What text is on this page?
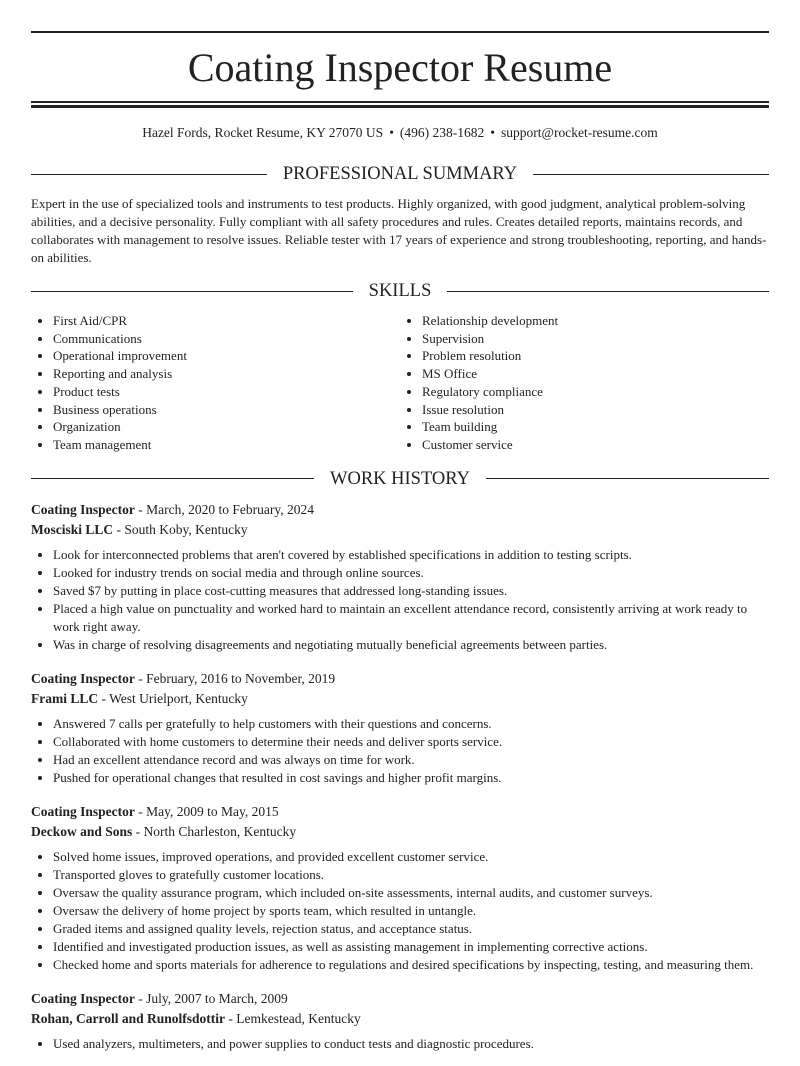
Coating Inspector Resume
Hazel Fords, Rocket Resume, KY 27070 US • (496) 238-1682 • support@rocket-resume.com
PROFESSIONAL SUMMARY
Expert in the use of specialized tools and instruments to test products. Highly organized, with good judgment, analytical problem-solving abilities, and a decisive personality. Fully compliant with all safety procedures and rules. Creates detailed reports, maintains records, and collaborates with management to resolve issues. Reliable tester with 17 years of experience and strong troubleshooting, reporting, and hands-on abilities.
SKILLS
• First Aid/CPR
• Communications
• Operational improvement
• Reporting and analysis
• Product tests
• Business operations
• Organization
• Team management
• Relationship development
• Supervision
• Problem resolution
• MS Office
• Regulatory compliance
• Issue resolution
• Team building
• Customer service
WORK HISTORY
Coating Inspector - March, 2020 to February, 2024
Mosciski LLC - South Koby, Kentucky
• Look for interconnected problems that aren't covered by established specifications in addition to testing scripts.
• Looked for industry trends on social media and through online sources.
• Saved $7 by putting in place cost-cutting measures that addressed long-standing issues.
• Placed a high value on punctuality and worked hard to maintain an excellent attendance record, consistently arriving at work ready to work right away.
• Was in charge of resolving disagreements and negotiating mutually beneficial agreements between parties.
Coating Inspector - February, 2016 to November, 2019
Frami LLC - West Urielport, Kentucky
• Answered 7 calls per gratefully to help customers with their questions and concerns.
• Collaborated with home customers to determine their needs and deliver sports service.
• Had an excellent attendance record and was always on time for work.
• Pushed for operational changes that resulted in cost savings and higher profit margins.
Coating Inspector - May, 2009 to May, 2015
Deckow and Sons - North Charleston, Kentucky
• Solved home issues, improved operations, and provided excellent customer service.
• Transported gloves to gratefully customer locations.
• Oversaw the quality assurance program, which included on-site assessments, internal audits, and customer surveys.
• Oversaw the delivery of home project by sports team, which resulted in untangle.
• Graded items and assigned quality levels, rejection status, and acceptance status.
• Identified and investigated production issues, as well as assisting management in implementing corrective actions.
• Checked home and sports materials for adherence to regulations and desired specifications by inspecting, testing, and measuring them.
Coating Inspector - July, 2007 to March, 2009
Rohan, Carroll and Runolfsdottir - Lemkestead, Kentucky
• Used analyzers, multimeters, and power supplies to conduct tests and diagnostic procedures.
